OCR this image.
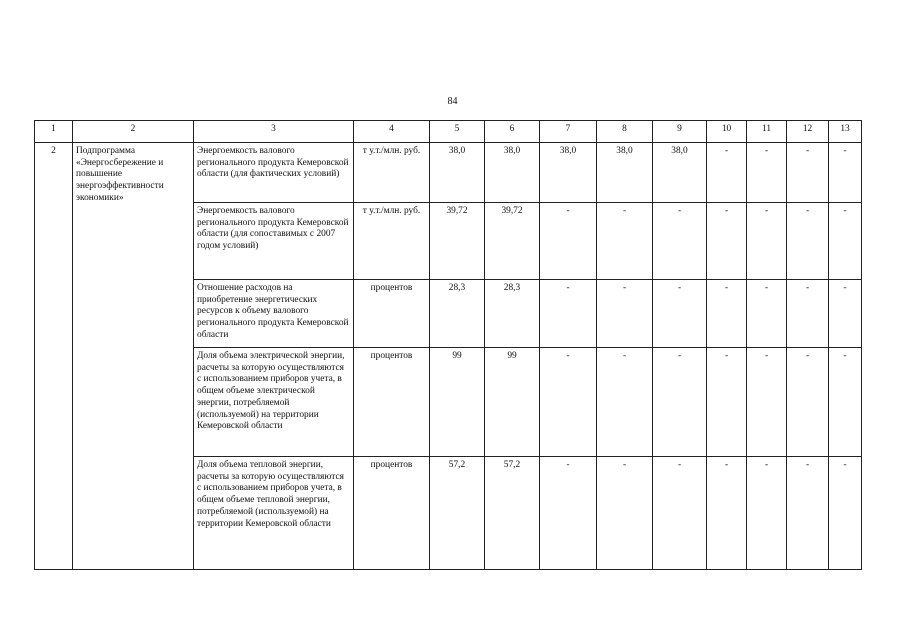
84
1	2	3	4	5	6	7	8	9	10	11	12	13
2	Подпрограмма «Энергосбережение и повышение энергоэффективности экономики»	Энергоемкость валового регионального продукта Кемеровской области (для фактических условий)	т у.т./млн. руб.	38,0	38,0	38,0	38,0	38,0	-	-	-	-
		Энергоемкость валового регионального продукта Кемеровской области (для сопоставимых с 2007 годом условий)	т у.т./млн. руб.	39,72	39,72	-	-	-	-	-	-	-
		Отношение расходов на приобретение энергетических ресурсов к объему валового регионального продукта Кемеровской области	процентов	28,3	28,3	-	-	-	-	-	-	-
		Доля объема электрической энергии, расчеты за которую осуществляются с использованием приборов учета, в общем объеме электрической энергии, потребляемой (используемой) на территории Кемеровской области	процентов	99	99	-	-	-	-	-	-	-
		Доля объема тепловой энергии, расчеты за которую осуществляются с использованием приборов учета, в общем объеме тепловой энергии, потребляемой (используемой) на территории Кемеровской области	процентов	57,2	57,2	-	-	-	-	-	-	-
